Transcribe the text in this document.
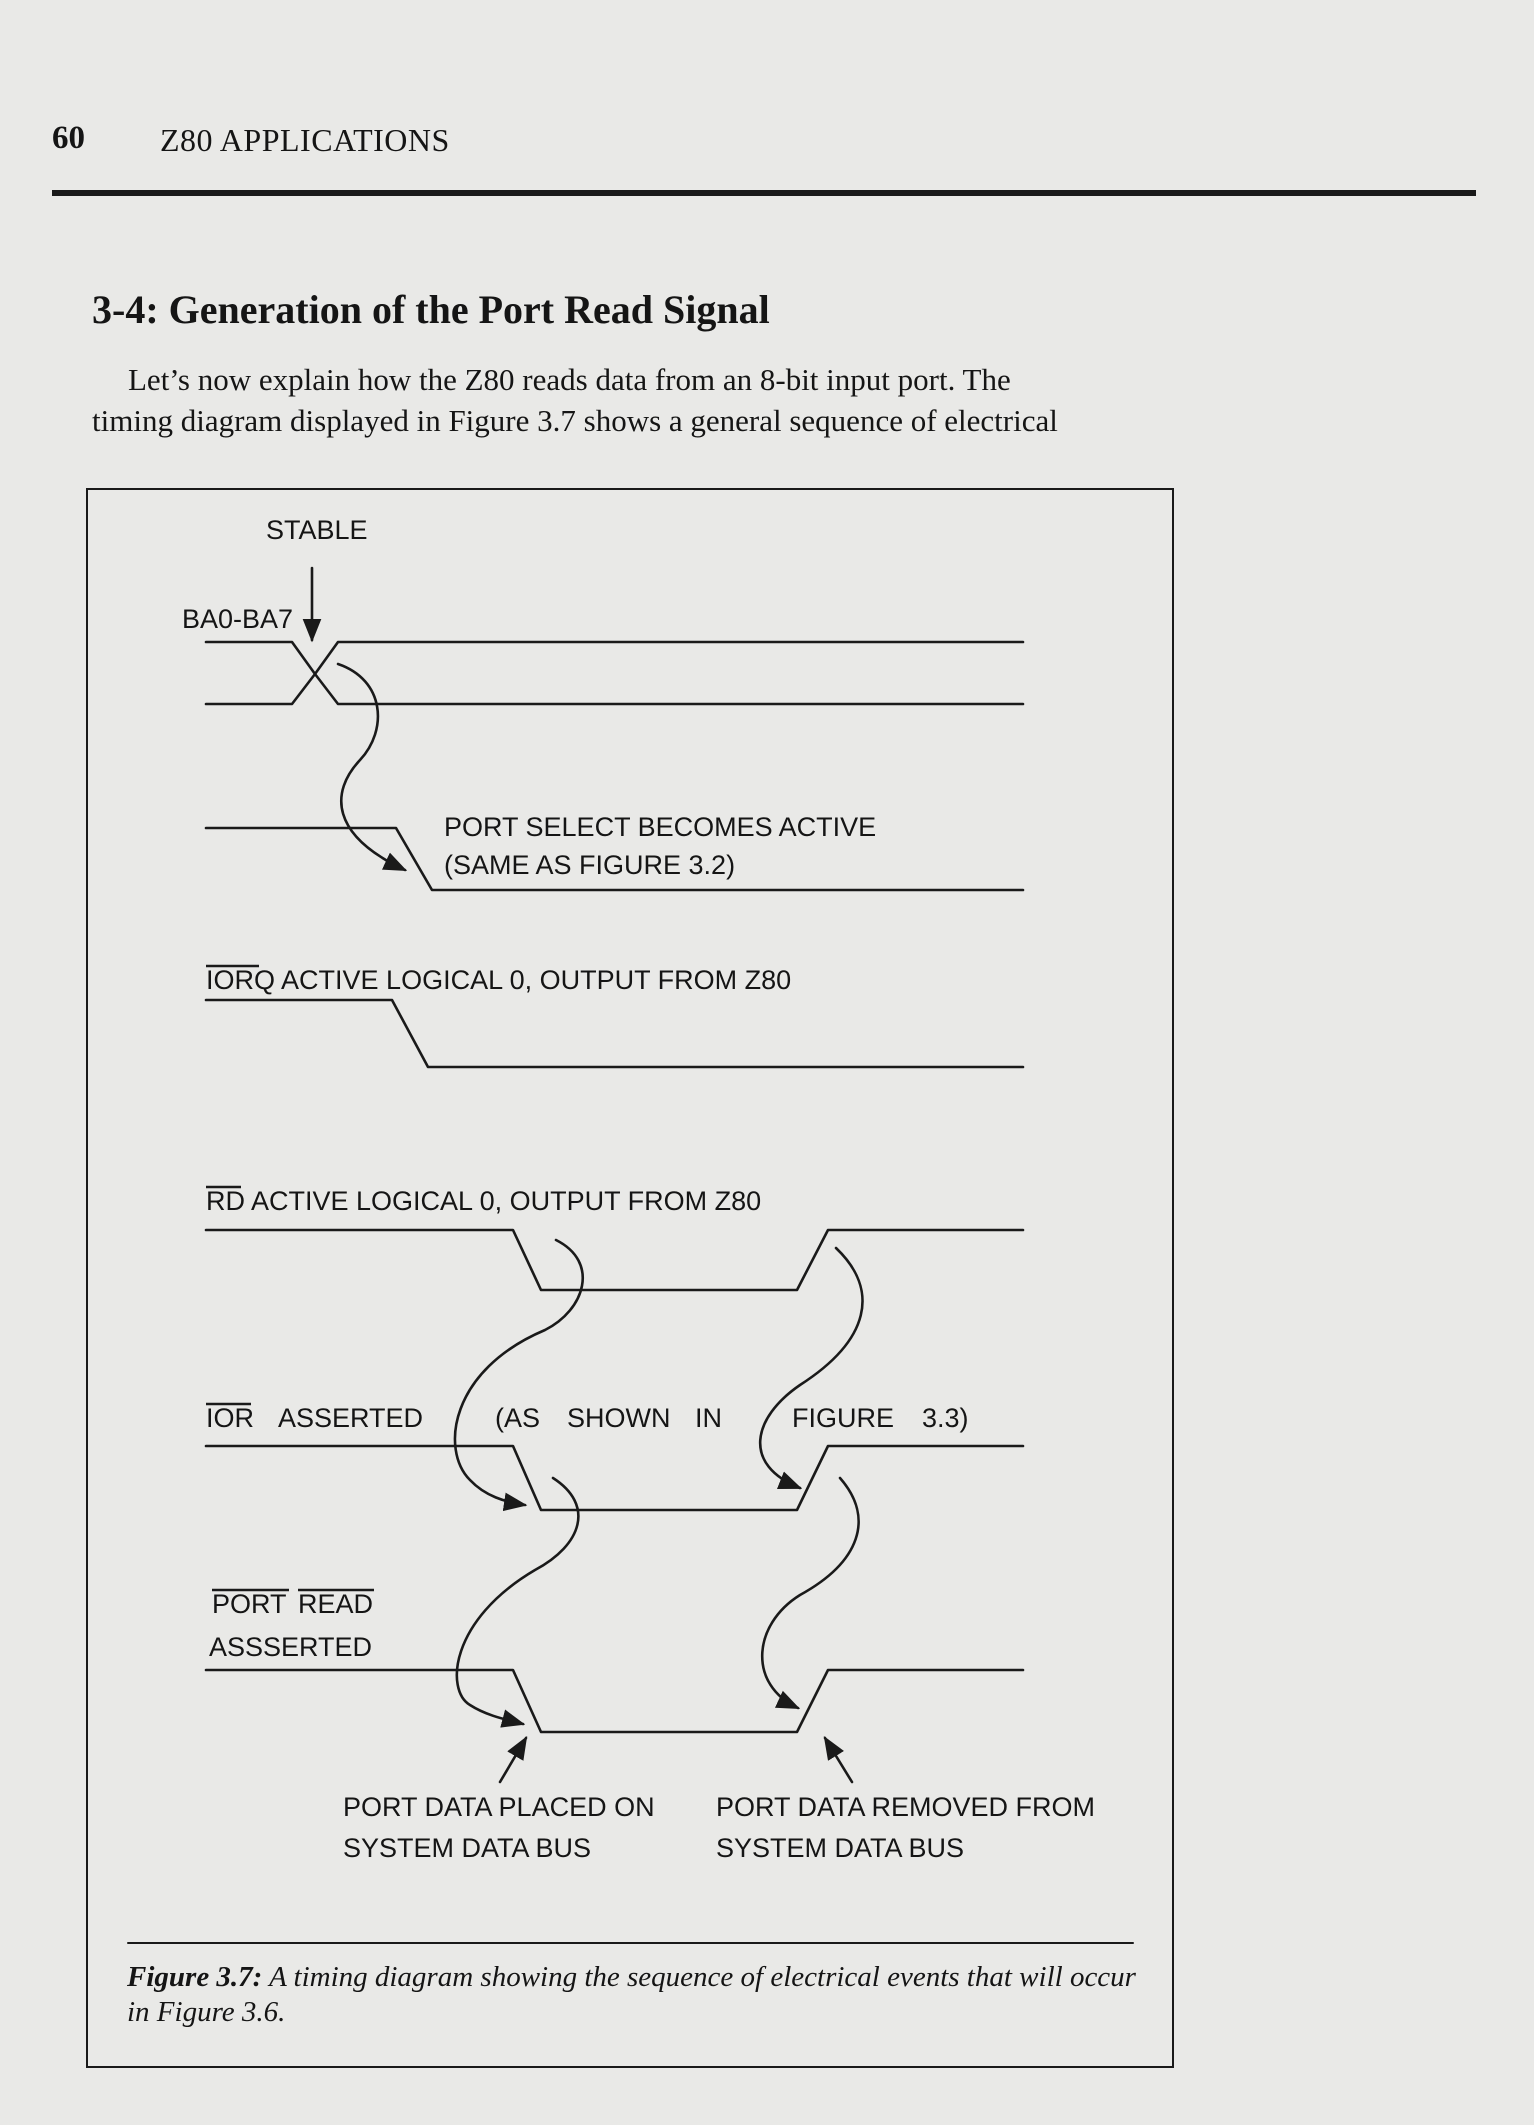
60 Z80 APPLICATIONS
3-4: Generation of the Port Read Signal
Let’s now explain how the Z80 reads data from an 8-bit input port. The
timing diagram displayed in Figure 3.7 shows a general sequence of electrical
STABLE
BA0-BA7
PORT SELECT BECOMES ACTIVE
(SAME AS FIGURE 3.2)
IORQ ACTIVE LOGICAL 0, OUTPUT FROM Z80
RD ACTIVE LOGICAL 0, OUTPUT FROM Z80
IOR ASSERTED	(AS SHOWN IN	FIGURE 3.3)
PORT READ
ASSSERTED
PORT DATA PLACED ON
SYSTEM DATA BUS
PORT DATA REMOVED FROM
SYSTEM DATA BUS
Figure 3.7: A timing diagram showing the sequence of electrical events that will occur in Figure 3.6.
